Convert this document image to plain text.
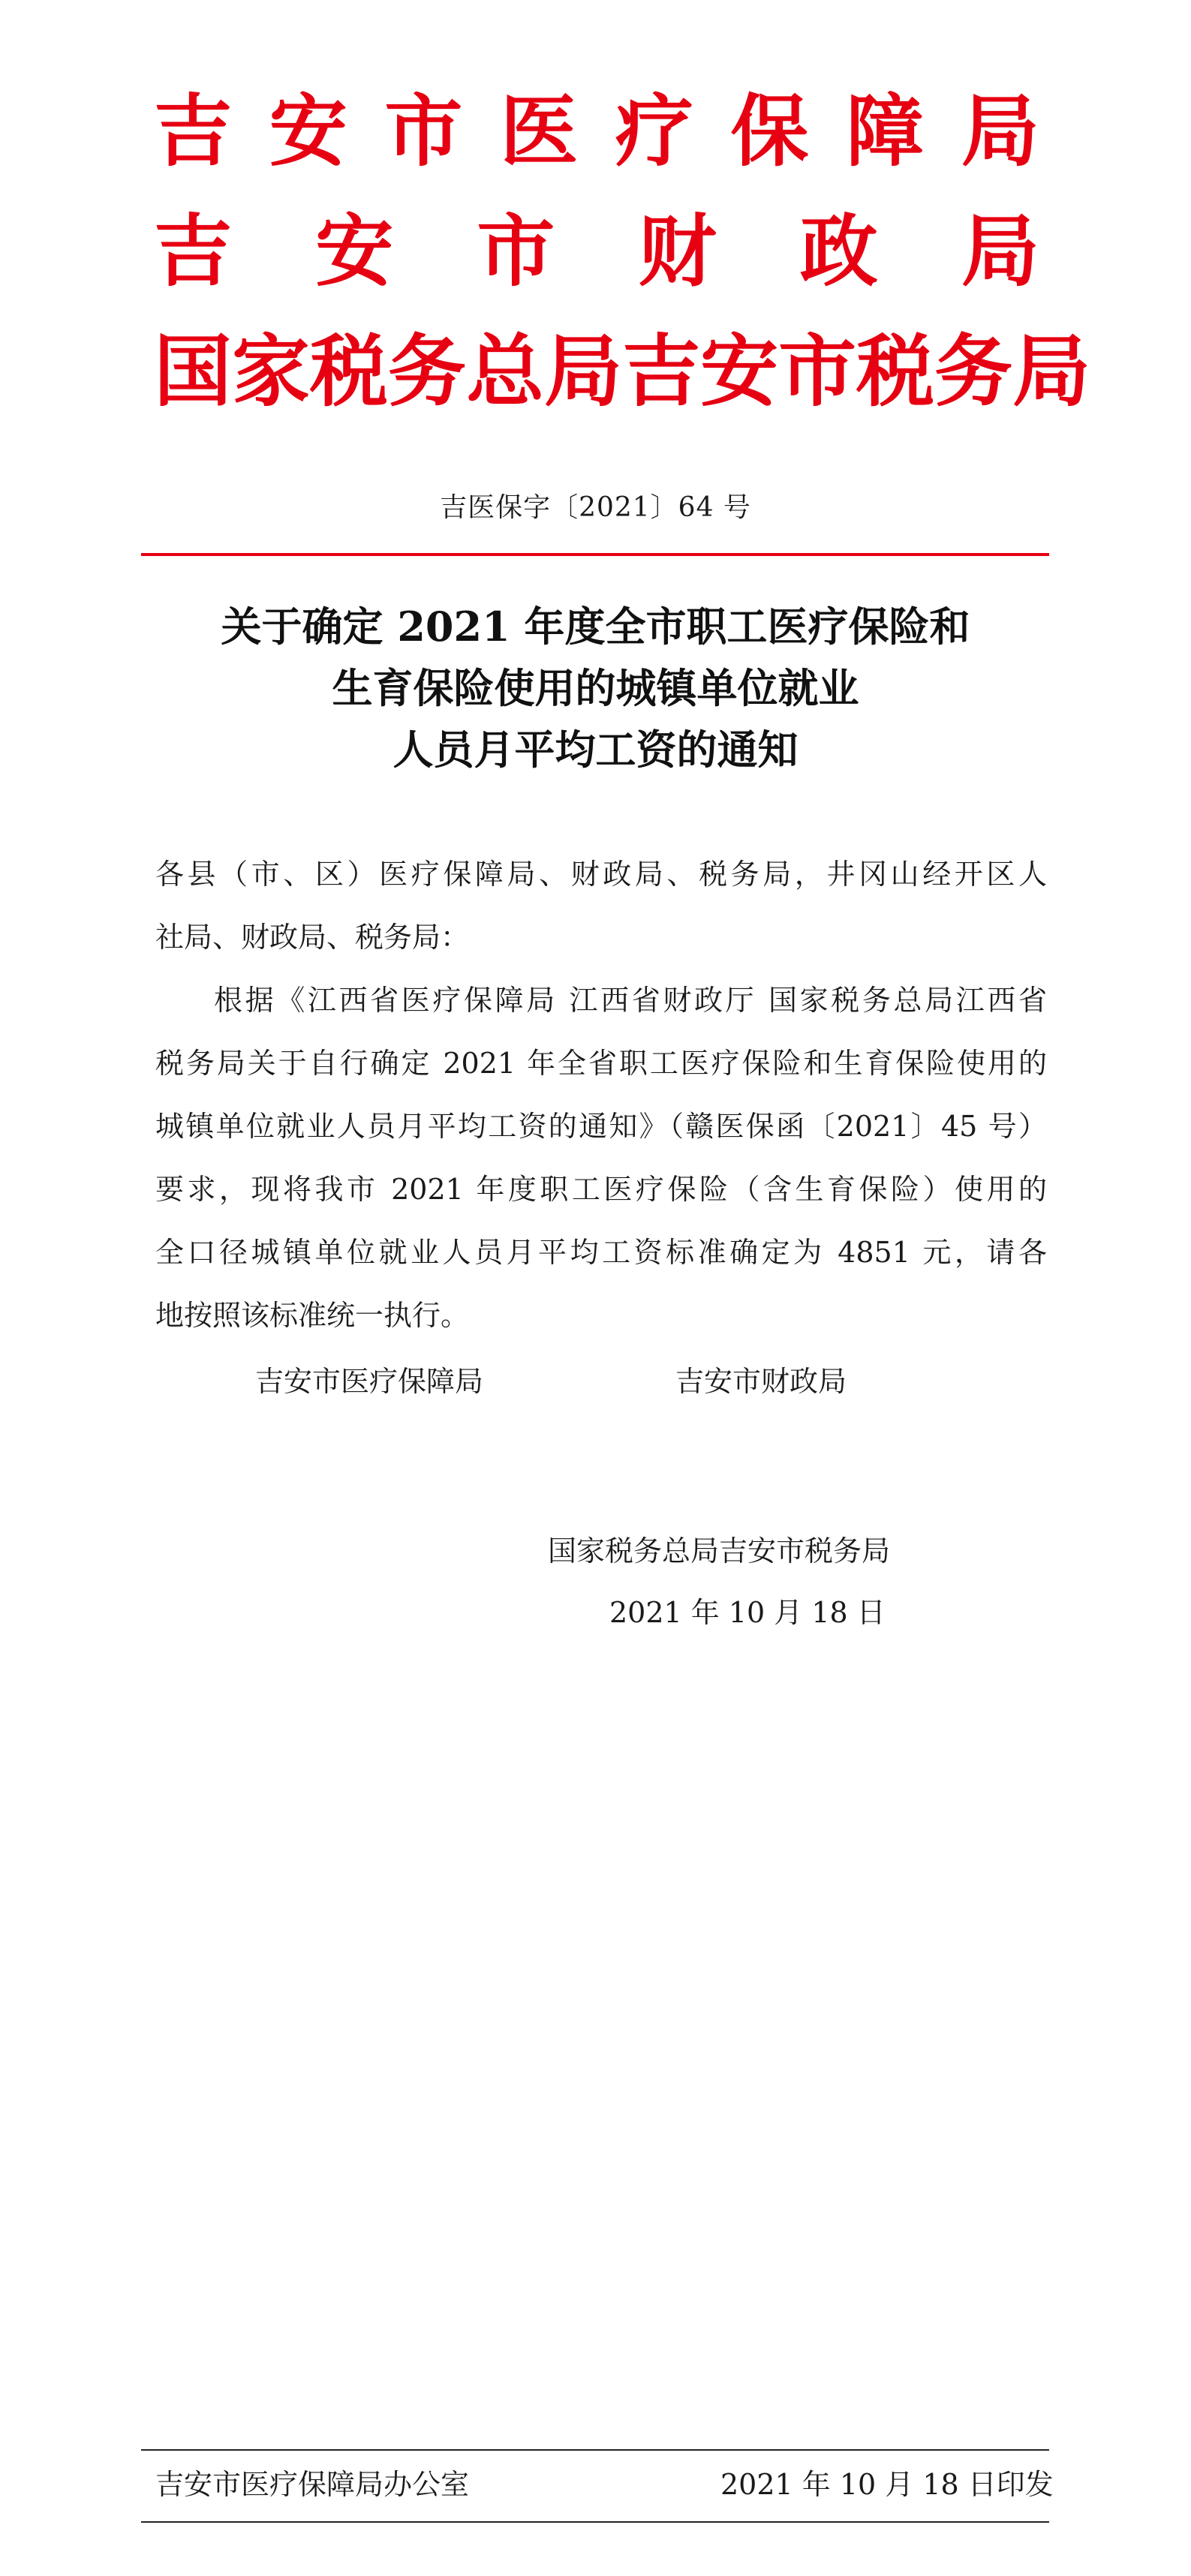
吉 安 市 医 疗 保 障 局
吉 安 市 财 政 局
国 家 税 务 总 局 吉 安 市 税 务 局
吉医保字〔2021〕64 号
关于确定 2021 年度全市职工医疗保险和
生育保险使用的城镇单位就业
人员月平均工资的通知
各县（市、区）医疗保障局、财政局、税务局，井冈山经开区人
社局、财政局、税务局：
根据《江西省医疗保障局 江西省财政厅 国家税务总局江西省
税务局关于自行确定 2021 年全省职工医疗保险和生育保险使用的
城镇单位就业人员月平均工资的通知》（赣医保函〔2021〕45 号）
要求，现将我市 2021 年度职工医疗保险（含生育保险）使用的
全口径城镇单位就业人员月平均工资标准确定为 4851 元，请各
地按照该标准统一执行。
吉安市医疗保障局	吉安市财政局
国家税务总局吉安市税务局
2021 年 10 月 18 日
吉安市医疗保障局办公室	2021 年 10 月 18 日印发
